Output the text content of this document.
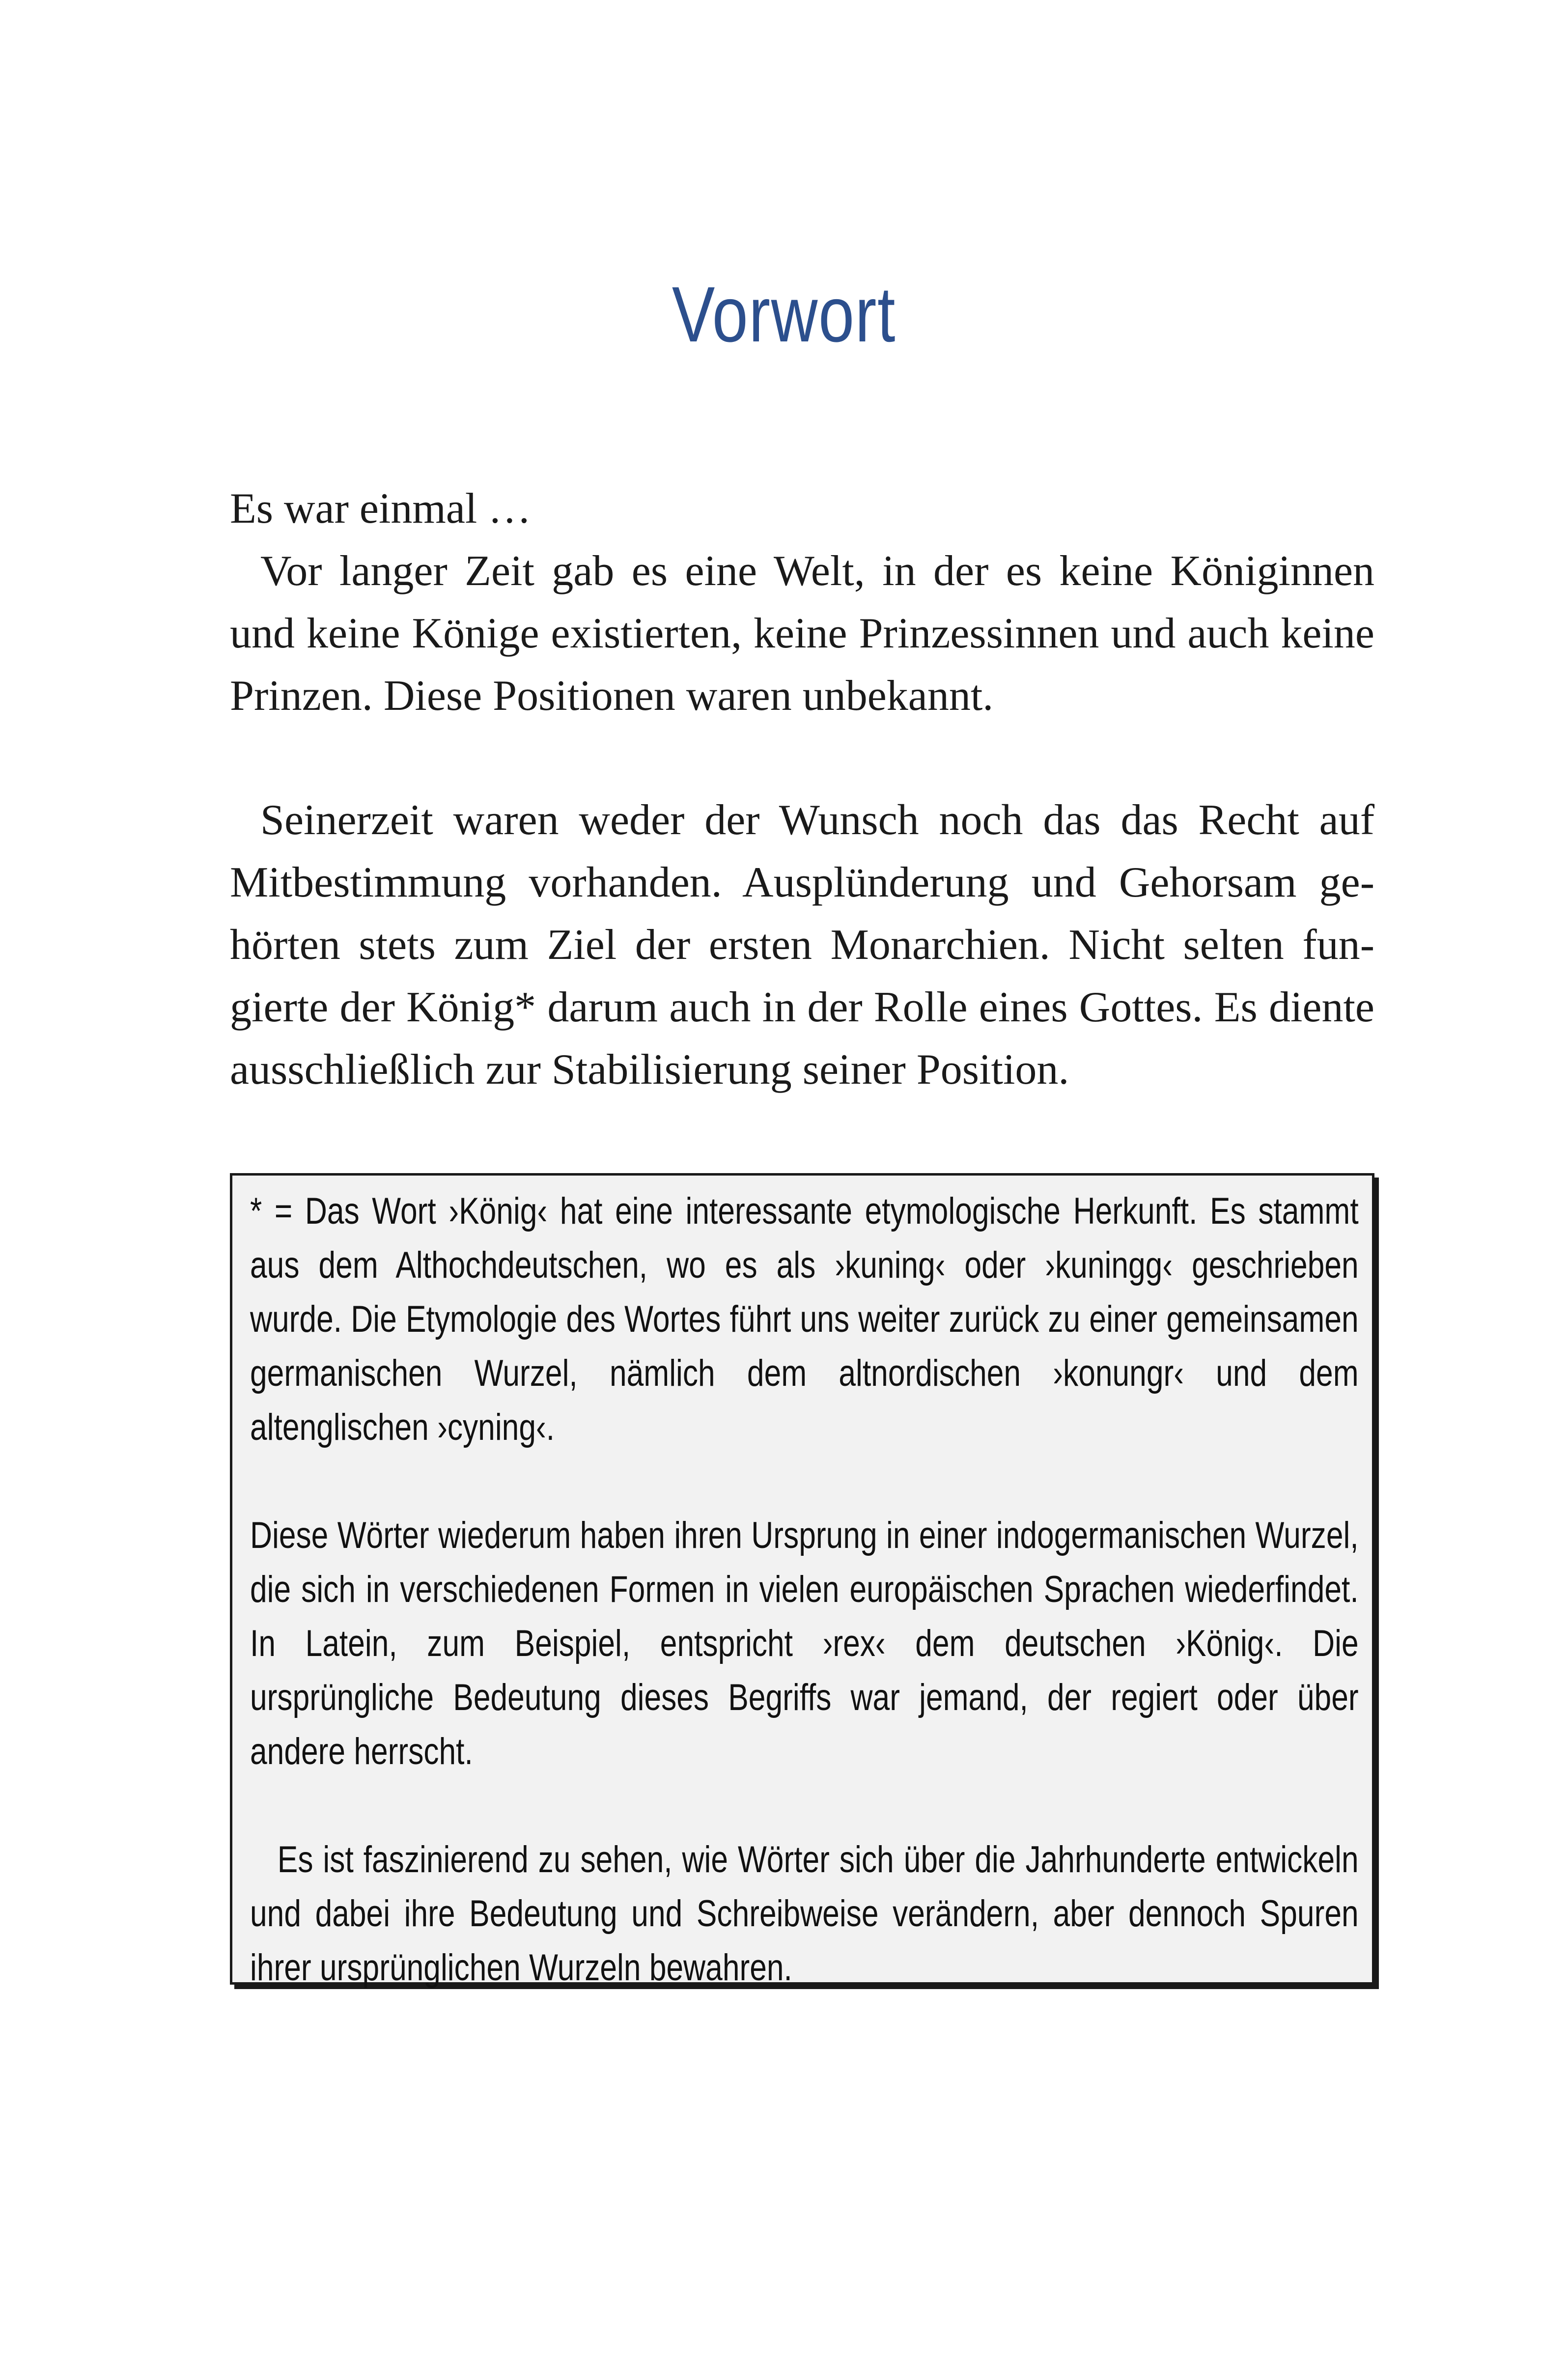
Vorwort

Es war einmal …

Vor langer Zeit gab es eine Welt, in der es keine Königinnen und keine Könige existierten, keine Prinzessinnen und auch keine Prinzen. Diese Positionen waren unbekannt.

Seinerzeit waren weder der Wunsch noch das das Recht auf Mitbestimmung vorhanden. Ausplünderung und Gehorsam gehörten stets zum Ziel der ersten Monarchien. Nicht selten fungierte der König* darum auch in der Rolle eines Gottes. Es diente ausschließlich zur Stabilisierung seiner Position.

* = Das Wort ›König‹ hat eine interessante etymologische Herkunft. Es stammt aus dem Althochdeutschen, wo es als ›kuning‹ oder ›kuningg‹ geschrieben wurde. Die Etymologie des Wortes führt uns weiter zurück zu einer gemeinsamen germanischen Wurzel, nämlich dem altnordischen ›konungr‹ und dem altenglischen ›cyning‹.

Diese Wörter wiederum haben ihren Ursprung in einer indogermanischen Wurzel, die sich in verschiedenen Formen in vielen europäischen Sprachen wiederfindet. In Latein, zum Beispiel, entspricht ›rex‹ dem deutschen ›König‹. Die ursprüngliche Bedeutung dieses Begriffs war jemand, der regiert oder über andere herrscht.

Es ist faszinierend zu sehen, wie Wörter sich über die Jahrhunderte entwickeln und dabei ihre Bedeutung und Schreibweise verändern, aber dennoch Spuren ihrer ursprünglichen Wurzeln bewahren.
